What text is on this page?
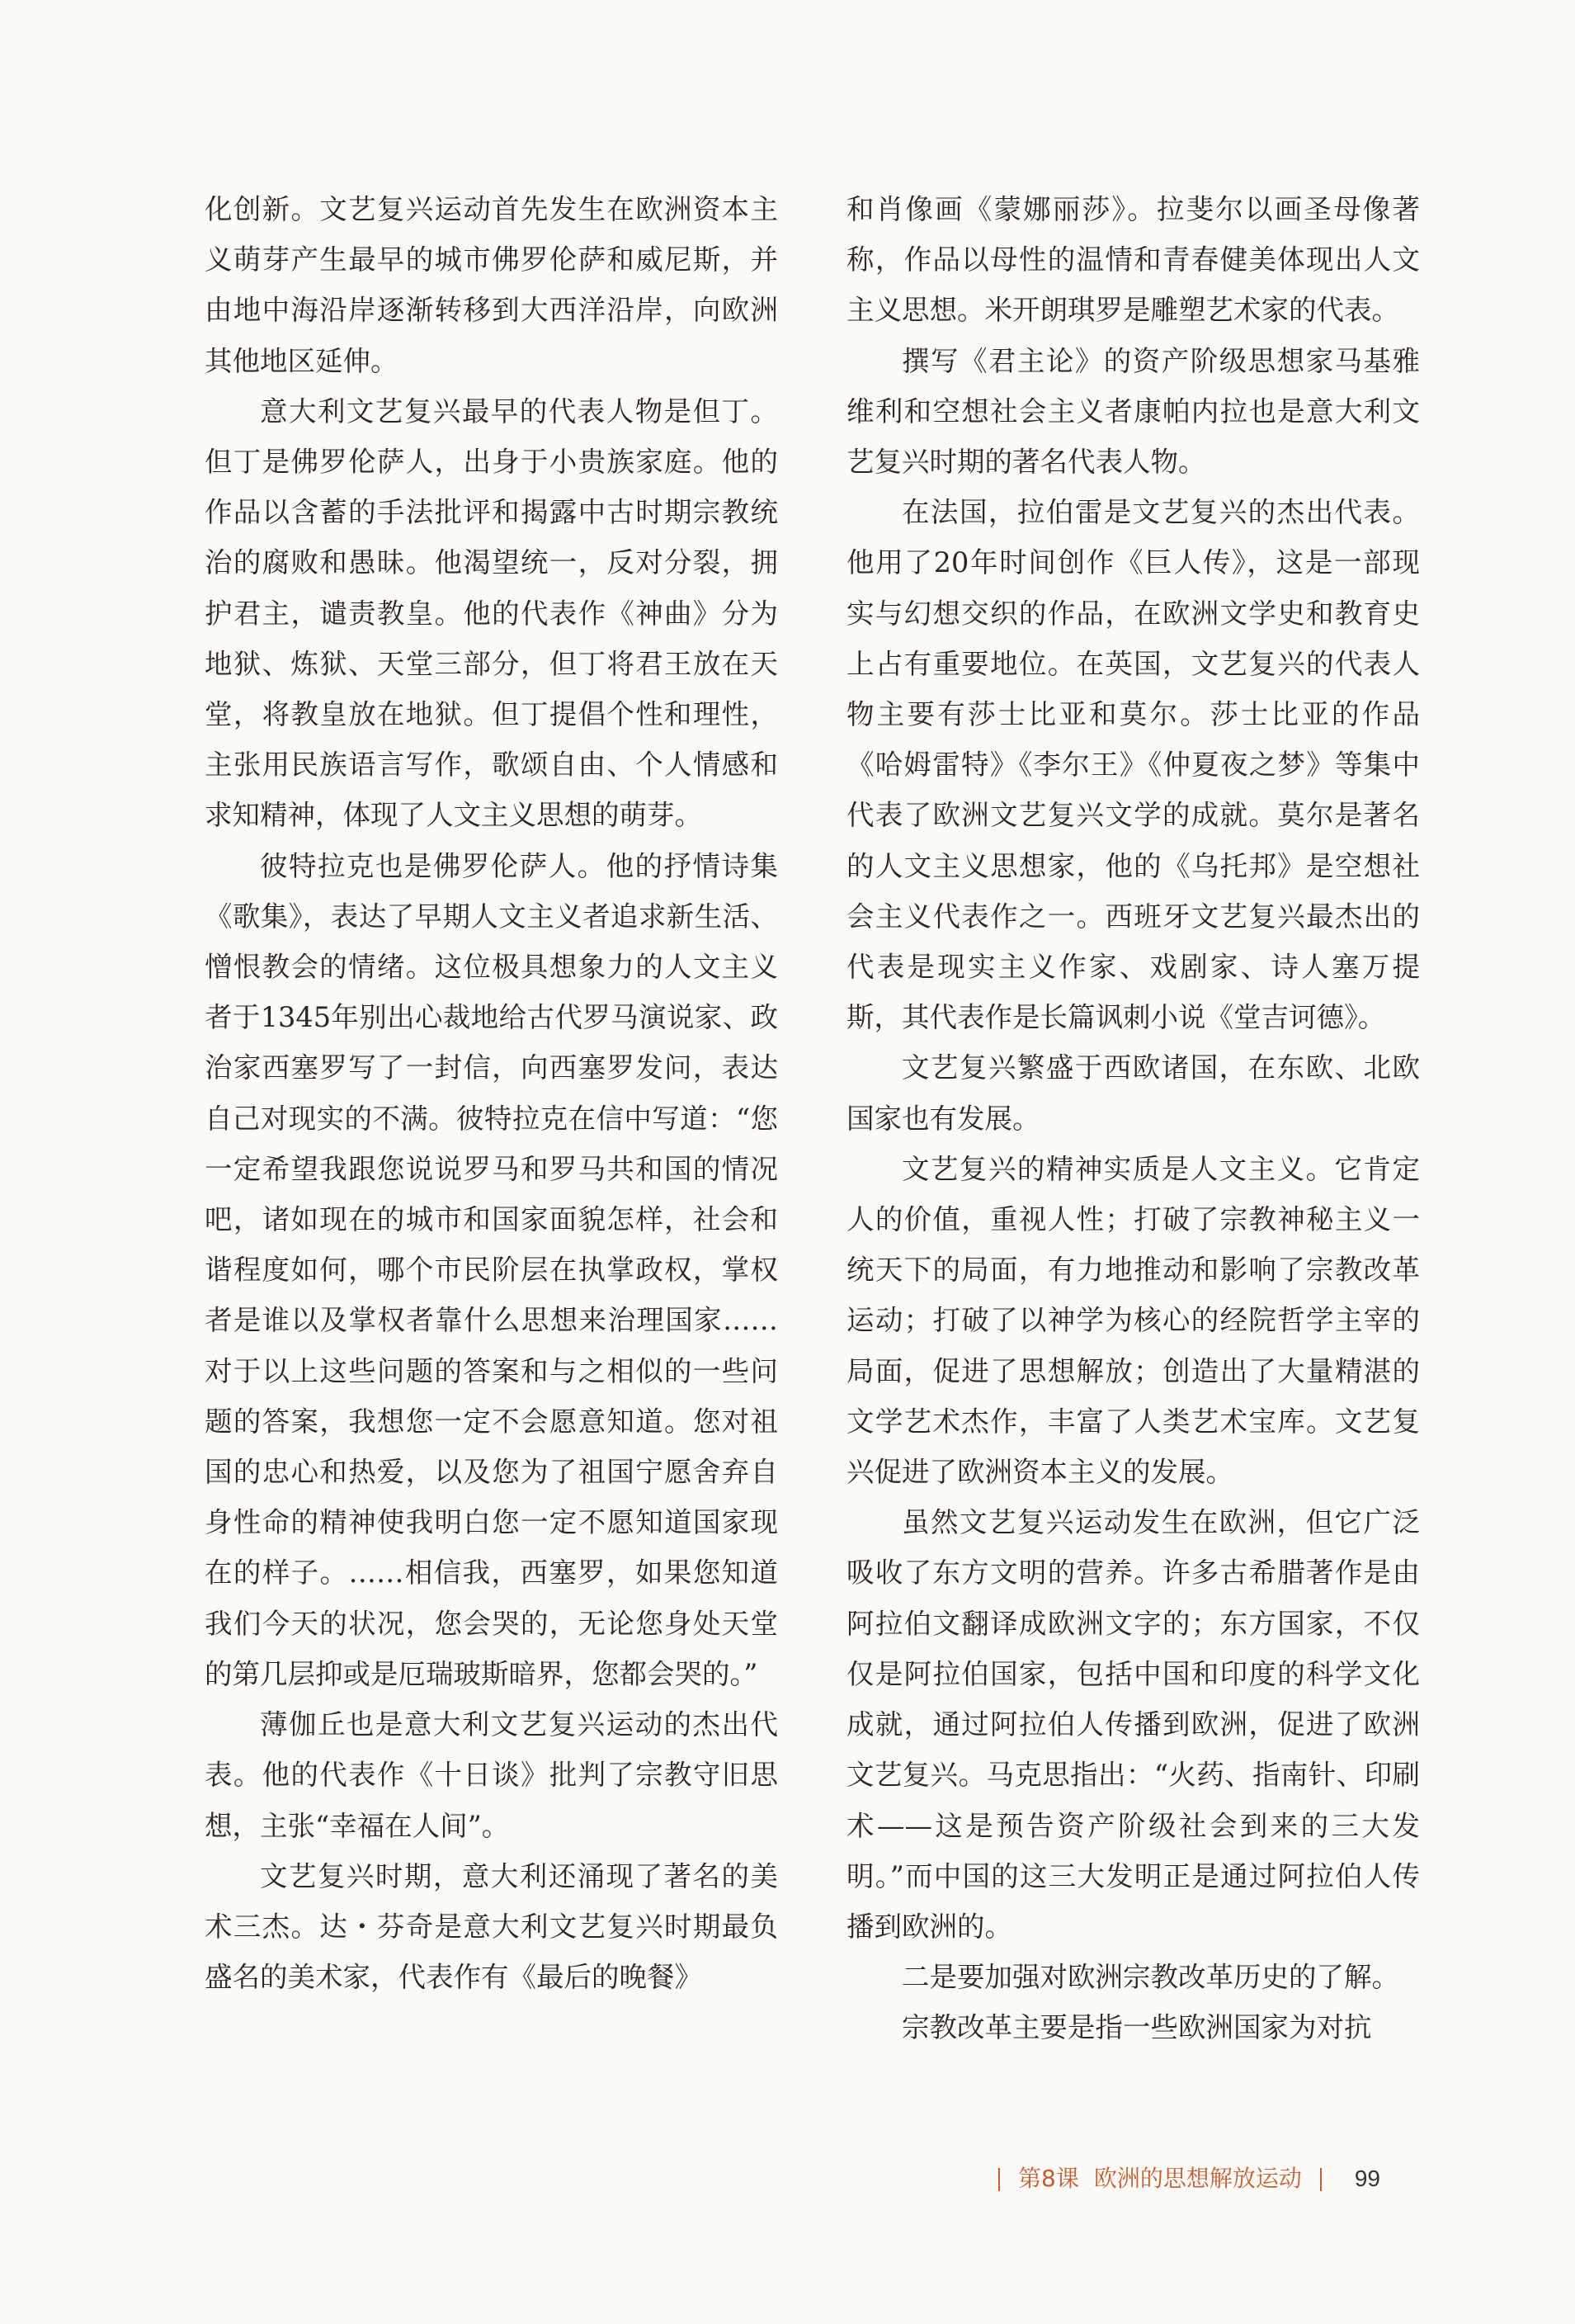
化创新。文艺复兴运动首先发生在欧洲资本主义萌芽产生最早的城市佛罗伦萨和威尼斯，并由地中海沿岸逐渐转移到大西洋沿岸，向欧洲其他地区延伸。

意大利文艺复兴最早的代表人物是但丁。但丁是佛罗伦萨人，出身于小贵族家庭。他的作品以含蓄的手法批评和揭露中古时期宗教统治的腐败和愚昧。他渴望统一，反对分裂，拥护君主，谴责教皇。他的代表作《神曲》分为地狱、炼狱、天堂三部分，但丁将君王放在天堂，将教皇放在地狱。但丁提倡个性和理性，主张用民族语言写作，歌颂自由、个人情感和求知精神，体现了人文主义思想的萌芽。

彼特拉克也是佛罗伦萨人。他的抒情诗集《歌集》，表达了早期人文主义者追求新生活、憎恨教会的情绪。这位极具想象力的人文主义者于1345年别出心裁地给古代罗马演说家、政治家西塞罗写了一封信，向西塞罗发问，表达自己对现实的不满。彼特拉克在信中写道：“您一定希望我跟您说说罗马和罗马共和国的情况吧，诸如现在的城市和国家面貌怎样，社会和谐程度如何，哪个市民阶层在执掌政权，掌权者是谁以及掌权者靠什么思想来治理国家……对于以上这些问题的答案和与之相似的一些问题的答案，我想您一定不会愿意知道。您对祖国的忠心和热爱，以及您为了祖国宁愿舍弃自身性命的精神使我明白您一定不愿知道国家现在的样子。……相信我，西塞罗，如果您知道我们今天的状况，您会哭的，无论您身处天堂的第几层抑或是厄瑞玻斯暗界，您都会哭的。”

薄伽丘也是意大利文艺复兴运动的杰出代表。他的代表作《十日谈》批判了宗教守旧思想，主张“幸福在人间”。

文艺复兴时期，意大利还涌现了著名的美术三杰。达・芬奇是意大利文艺复兴时期最负盛名的美术家，代表作有《最后的晚餐》

和肖像画《蒙娜丽莎》。拉斐尔以画圣母像著称，作品以母性的温情和青春健美体现出人文主义思想。米开朗琪罗是雕塑艺术家的代表。

撰写《君主论》的资产阶级思想家马基雅维利和空想社会主义者康帕内拉也是意大利文艺复兴时期的著名代表人物。

在法国，拉伯雷是文艺复兴的杰出代表。他用了20年时间创作《巨人传》，这是一部现实与幻想交织的作品，在欧洲文学史和教育史上占有重要地位。在英国，文艺复兴的代表人物主要有莎士比亚和莫尔。莎士比亚的作品《哈姆雷特》《李尔王》《仲夏夜之梦》等集中代表了欧洲文艺复兴文学的成就。莫尔是著名的人文主义思想家，他的《乌托邦》是空想社会主义代表作之一。西班牙文艺复兴最杰出的代表是现实主义作家、戏剧家、诗人塞万提斯，其代表作是长篇讽刺小说《堂吉诃德》。

文艺复兴繁盛于西欧诸国，在东欧、北欧国家也有发展。

文艺复兴的精神实质是人文主义。它肯定人的价值，重视人性；打破了宗教神秘主义一统天下的局面，有力地推动和影响了宗教改革运动；打破了以神学为核心的经院哲学主宰的局面，促进了思想解放；创造出了大量精湛的文学艺术杰作，丰富了人类艺术宝库。文艺复兴促进了欧洲资本主义的发展。

虽然文艺复兴运动发生在欧洲，但它广泛吸收了东方文明的营养。许多古希腊著作是由阿拉伯文翻译成欧洲文字的；东方国家，不仅仅是阿拉伯国家，包括中国和印度的科学文化成就，通过阿拉伯人传播到欧洲，促进了欧洲文艺复兴。马克思指出：“火药、指南针、印刷术——这是预告资产阶级社会到来的三大发明。”而中国的这三大发明正是通过阿拉伯人传播到欧洲的。

二是要加强对欧洲宗教改革历史的了解。

宗教改革主要是指一些欧洲国家为对抗

第8课 欧洲的思想解放运动 99
